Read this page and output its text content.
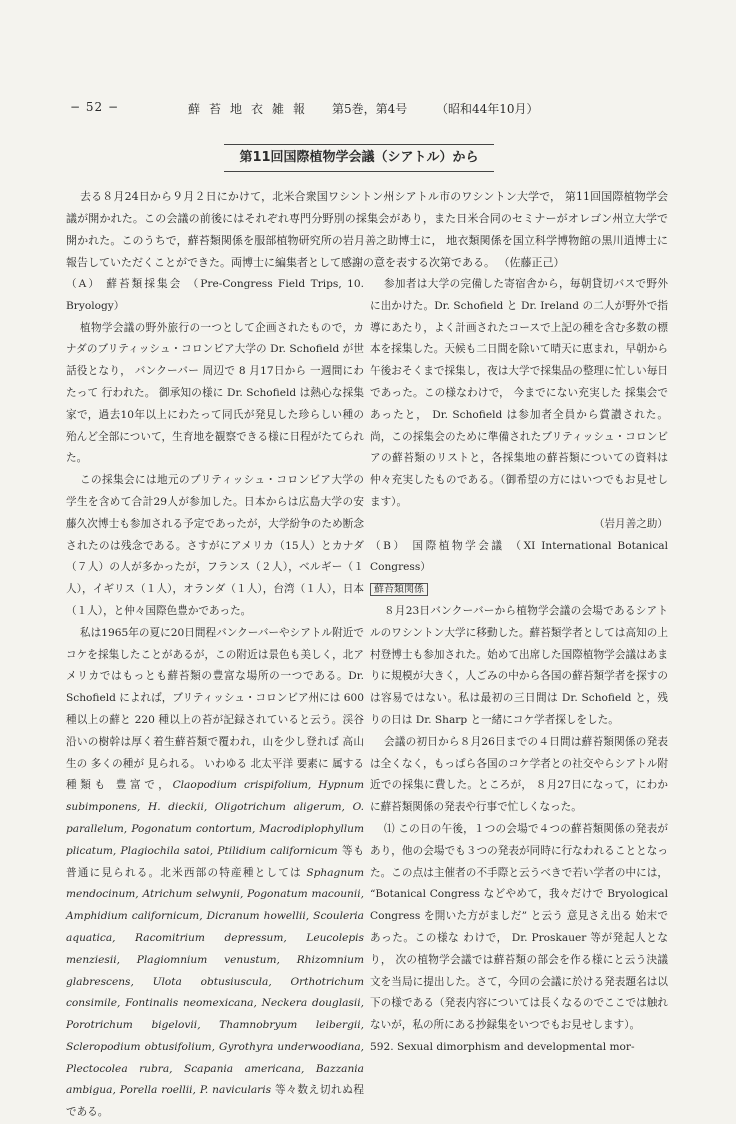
− 52 −	蘚苔地衣雑報 第5巻，第4号 （昭和44年10月）
第11回国際植物学会議（シアトル）から
去る８月24日から９月２日にかけて，北米合衆国ワシントン州シアトル市のワシントン大学で， 第11回国際植物学会議が開かれた。この会議の前後にはそれぞれ専門分野別の採集会があり，また日米合同のセミナーがオレゴン州立大学で開かれた。このうちで，蘚苔類関係を服部植物研究所の岩月善之助博士に， 地衣類関係を国立科学博物館の黒川逍博士に報告していただくことができた。両博士に編集者として感謝の意を表する次第である。 （佐藤正己）

（A） 蘚苔類採集会 （Pre-Congress Field Trips, 10. Bryology）

植物学会議の野外旅行の一つとして企画されたもので，カナダのブリティッシュ・コロンビア大学の Dr. Schofield が世話役となり， バンクーバー 周辺で 8 月17日から 一週間にわたって 行われた。 御承知の様に Dr. Schofield は熱心な採集家で，過去10年以上にわたって同氏が発見した珍らしい種の殆んど全部について，生育地を観察できる様に日程がたてられた。

この採集会には地元のブリティッシュ・コロンビア大学の学生を含めて合計29人が参加した。日本からは広島大学の安藤久次博士も参加される予定であったが，大学紛争のため断念されたのは残念である。さすがにアメリカ（15人）とカナダ（７人）の人が多かったが，フランス（２人），ベルギー（１人），イギリス（１人），オランダ（１人），台湾（１人），日本（１人），と仲々国際色豊かであった。

私は1965年の夏に20日間程バンクーバーやシアトル附近でコケを採集したことがあるが，この附近は景色も美しく，北アメリカではもっとも蘚苔類の豊富な場所の一つである。Dr. Schofield によれば，ブリティッシュ・コロンビア州には 600 種以上の蘚と 220 種以上の苔が記録されていると云う。渓谷沿いの樹幹は厚く着生蘚苔類で覆われ，山を少し登れば 高山生の 多くの種が 見られる。 いわゆる 北太平洋 要素に 属する 種類も 豊富で，Claopodium crispifolium, Hypnum subimponens, H. dieckii, Oligotrichum aligerum, O. parallelum, Pogonatum contortum, Macrodiplophyllum plicatum, Plagiochila satoi, Ptilidium californicum 等も普通に見られる。北米西部の特産種としては Sphagnum mendocinum, Atrichum selwynii, Pogonatum macounii, Amphidium californicum, Dicranum howellii, Scouleria aquatica, Racomitrium depressum, Leucolepis menziesii, Plagiomnium venustum, Rhizomnium glabrescens, Ulota obtusiuscula, Orthotrichum consimile, Fontinalis neomexicana, Neckera douglasii, Porotrichum bigelovii, Thamnobryum leibergii, Scleropodium obtusifolium, Gyrothyra underwoodiana, Plectocolea rubra, Scapania americana, Bazzania ambigua, Porella roellii, P. navicularis 等々数え切れぬ程である。

参加者は大学の完備した寄宿舎から，毎朝貸切バスで野外に出かけた。Dr. Schofield と Dr. Ireland の二人が野外で指導にあたり，よく計画されたコースで上記の種を含む多数の標本を採集した。天候も二日間を除いて晴天に恵まれ，早朝から午後おそくまで採集し，夜は大学で採集品の整理に忙しい毎日であった。この様なわけで， 今までにない充実した 採集会であったと， Dr. Schofield は参加者全員から賞讃された。尚，この採集会のために準備されたブリティッシュ・コロンビアの蘚苔類のリストと，各採集地の蘚苔類についての資料は仲々充実したものである。（御希望の方にはいつでもお見せします）。

（岩月善之助）

（B） 国際植物学会議 （XI International Botanical Congress）

蘚苔類関係

８月23日バンクーバーから植物学会議の会場であるシアトルのワシントン大学に移動した。蘚苔類学者としては高知の上村登博士も参加された。始めて出席した国際植物学会議はあまりに規模が大きく，人ごみの中から各国の蘚苔類学者を探すのは容易ではない。私は最初の三日間は Dr. Schofield と，残りの日は Dr. Sharp と一緒にコケ学者探しをした。

会議の初日から８月26日までの４日間は蘚苔類関係の発表は全くなく，もっぱら各国のコケ学者との社交やらシアトル附近での採集に費した。ところが， ８月27日になって，にわかに蘚苔類関係の発表や行事で忙しくなった。

⑴ この日の午後，１つの会場で４つの蘚苔類関係の発表があり，他の会場でも３つの発表が同時に行なわれることとなった。この点は主催者の不手際と云うべきで若い学者の中には， “Botanical Congress などやめて，我々だけで Bryological Congress を開いた方がましだ” と云う 意見さえ出る 始末であった。この様な わけで， Dr. Proskauer 等が発起人となり， 次の植物学会議では蘚苔類の部会を作る様にと云う決議文を当局に提出した。さて，今回の会議に於ける発表題名は以下の様である（発表内容については長くなるのでここでは触れないが，私の所にある抄録集をいつでもお見せします）。

592. Sexual dimorphism and developmental mor-
